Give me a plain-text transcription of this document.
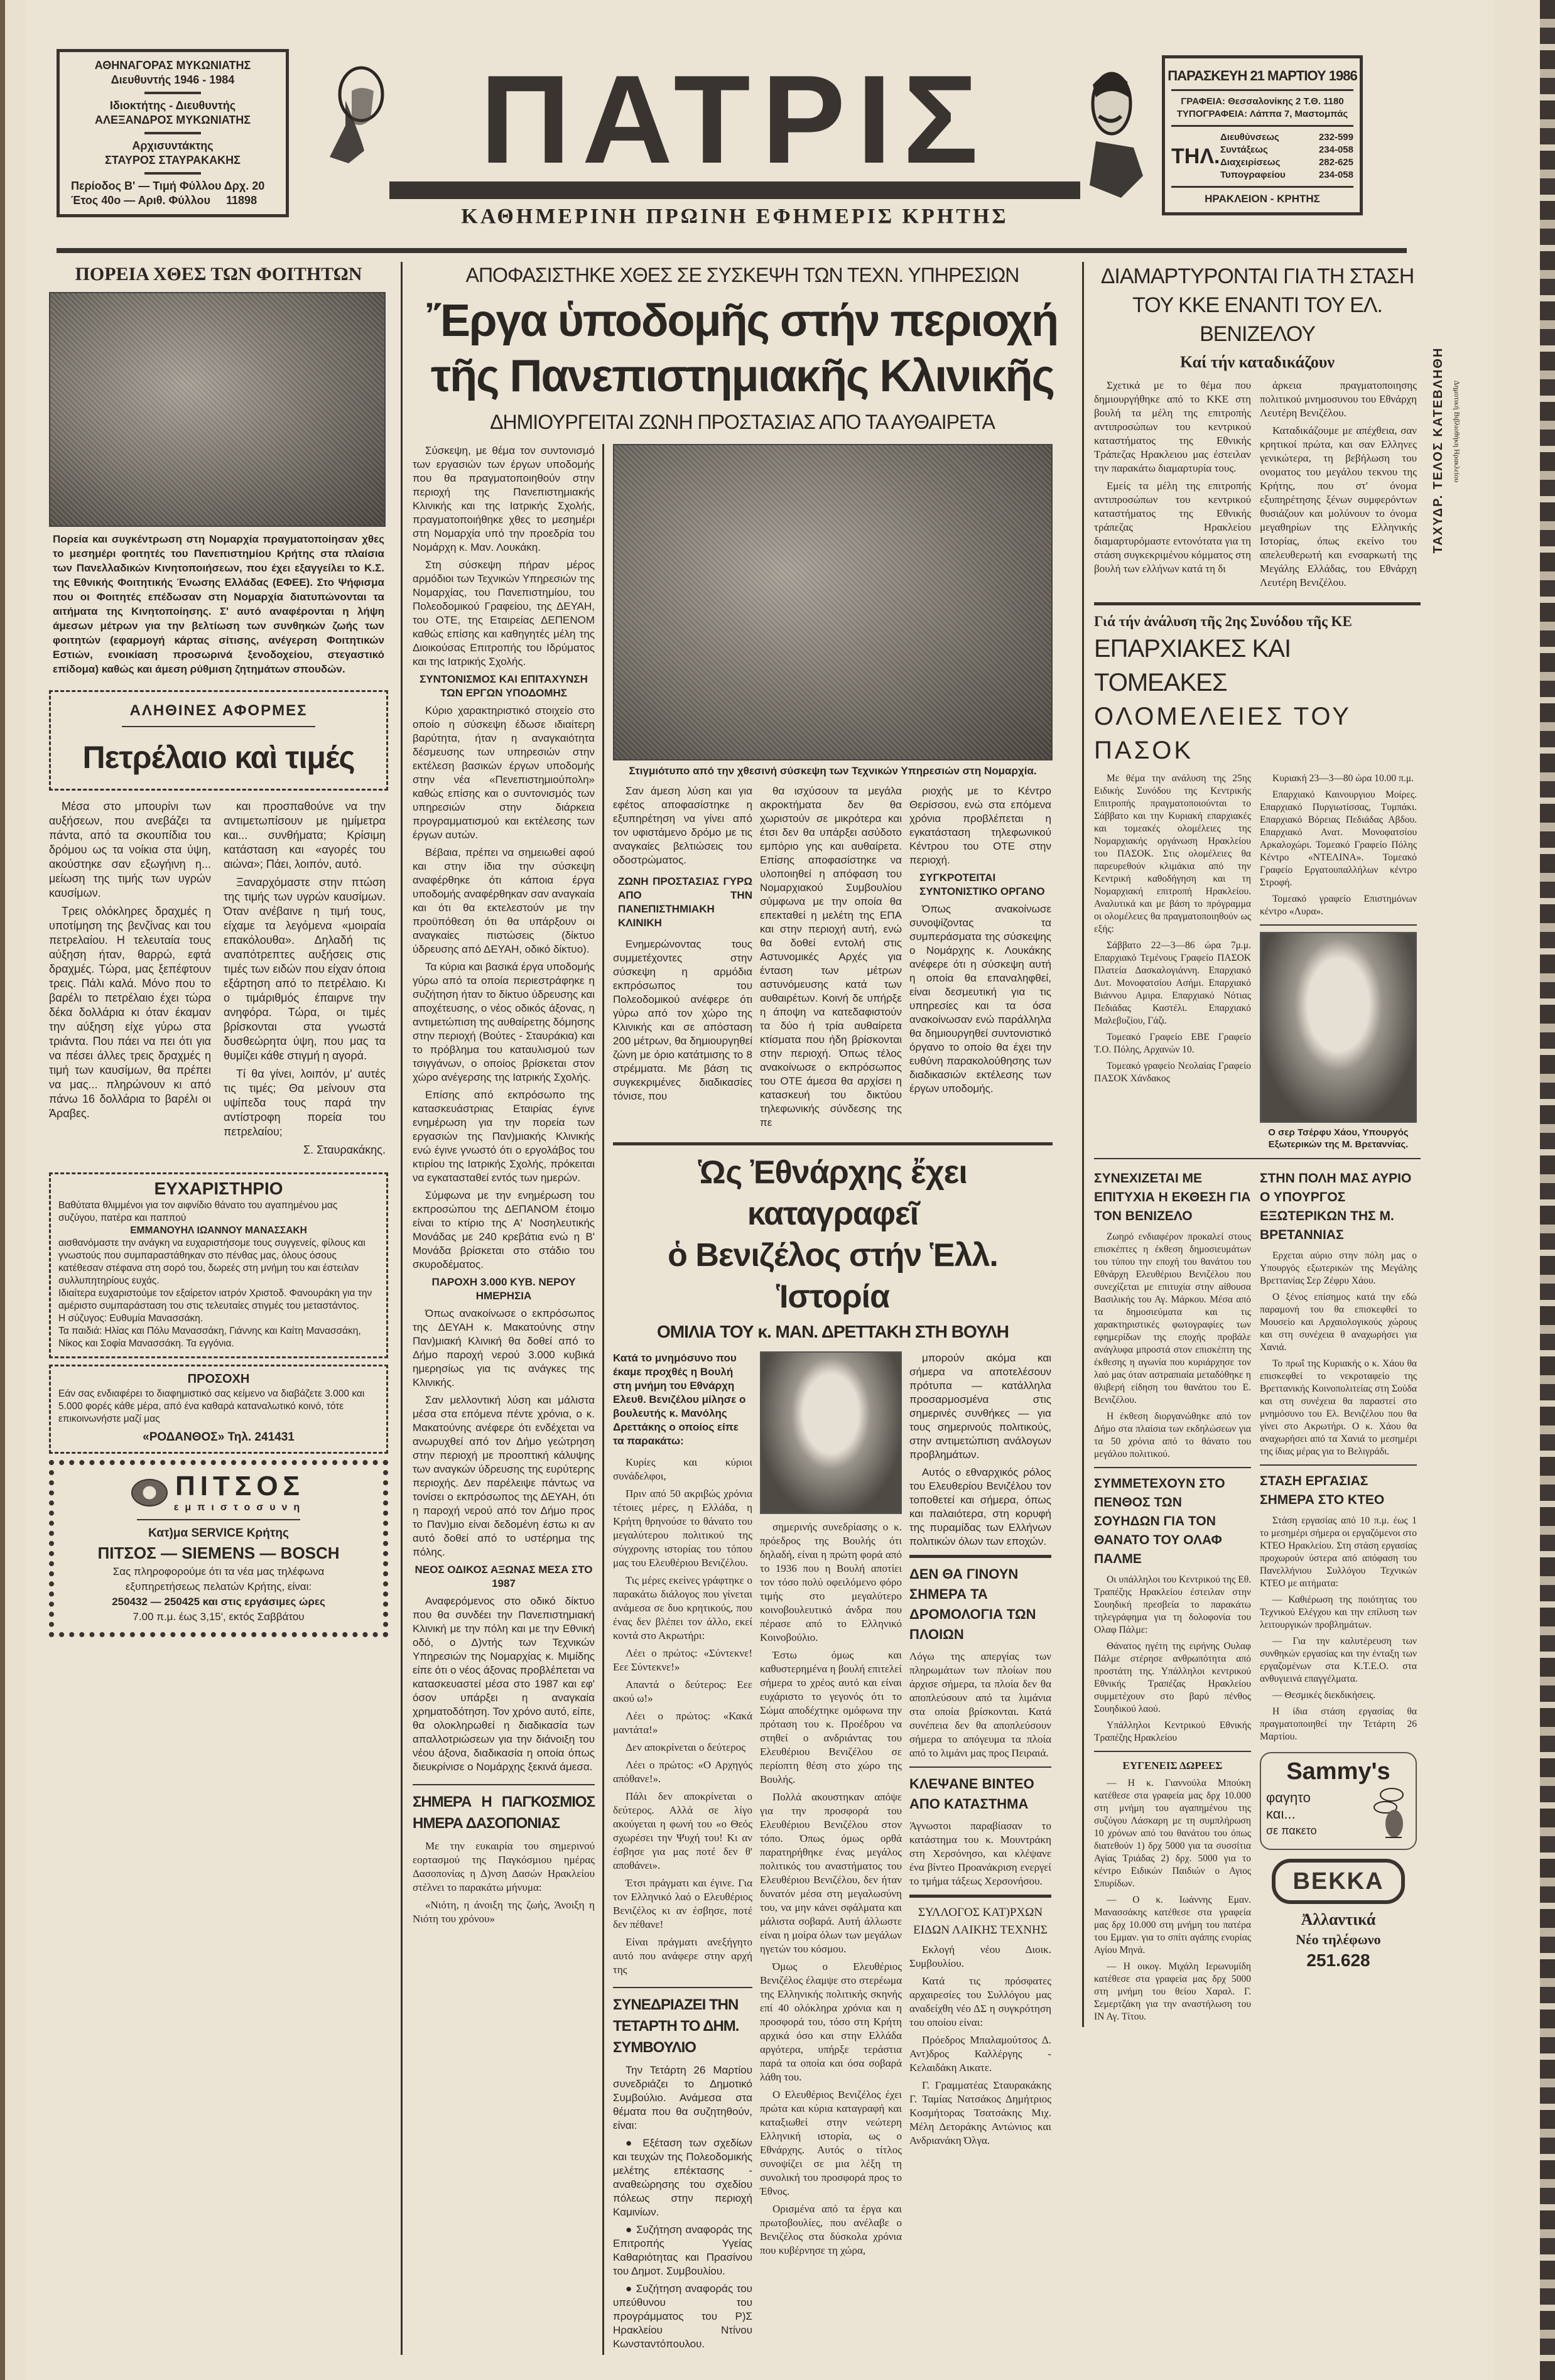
ΑΘΗΝΑΓΟΡΑΣ ΜΥΚΩΝΙΑΤΗΣ
Διευθυντής 1946 - 1984
Ιδιοκτήτης - Διευθυντής
ΑΛΕΞΑΝΔΡΟΣ ΜΥΚΩΝΙΑΤΗΣ
Αρχισυντάκτης
ΣΤΑΥΡΟΣ ΣΤΑΥΡΑΚΑΚΗΣ
Περίοδος Β' — Τιμή Φύλλου Δρχ. 20
Έτος 40ο — Αριθ. Φύλλου 11898
ΠΑΤΡΙΣ
ΚΑΘΗΜΕΡΙΝΗ ΠΡΩΙΝΗ ΕΦΗΜΕΡΙΣ ΚΡΗΤΗΣ
ΠΑΡΑΣΚΕΥΗ 21 ΜΑΡΤΙΟΥ 1986
ΓΡΑΦΕΙΑ: Θεσσαλονίκης 2 Τ.Θ. 1180
ΤΥΠΟΓΡΑΦΕΙΑ: Λάππα 7, Μαστομπάς
ΤΗΛ.
Διευθύνσεως	232-599
Συντάξεως	234-058
Διαχειρίσεως	282-625
Τυπογραφείου	234-058
ΗΡΑΚΛΕΙΟΝ - ΚΡΗΤΗΣ
ΠΟΡΕΙΑ ΧΘΕΣ ΤΩΝ ΦΟΙΤΗΤΩΝ
Πορεία και συγκέντρωση στη Νομαρχία πραγματοποίησαν χθες το μεσημέρι φοιτητές του Πανεπιστημίου Κρήτης στα πλαίσια των Πανελλαδικών Κινητοποιήσεων, που έχει εξαγγείλει το Κ.Σ. της Εθνικής Φοιτητικής Ένωσης Ελλάδας (ΕΦΕΕ). Στο Ψήφισμα που οι Φοιτητές επέδωσαν στη Νομαρχία διατυπώνονται τα αιτήματα της Κινητοποίησης. Σ' αυτό αναφέρονται η λήψη άμεσων μέτρων για την βελτίωση των συνθηκών ζωής των φοιτητών (εφαρμογή κάρτας σίτισης, ανέγερση Φοιτητικών Εστιών, ενοικίαση προσωρινά ξενοδοχείου, στεγαστικό επίδομα) καθώς και άμεση ρύθμιση ζητημάτων σπουδών.
ΑΛΗΘΙΝΕΣ ΑΦΟΡΜΕΣ
Πετρέλαιο καὶ τιμές

Μέσα στο μπουρίνι των αυξήσεων, που ανεβάζει τα πάντα, από τα σκουπίδια του δρόμου ως τα νοίκια στα ύψη, ακούστηκε σαν εξωγήινη η... μείωση της τιμής των υγρών καυσίμων.

Τρεις ολόκληρες δραχμές η υποτίμηση της βενζίνας και του πετρελαίου. Η τελευταία τους αύξηση ήταν, θαρρώ, εφτά δραχμές. Τώρα, μας ξεπέφτουν τρεις. Πάλι καλά. Μόνο που το βαρέλι το πετρέλαιο έχει τώρα δέκα δολλάρια κι όταν έκαμαν την αύξηση είχε γύρω στα τριάντα. Που πάει να πει ότι για να πέσει άλλες τρεις δραχμές η τιμή των καυσίμων, θα πρέπει να μας... πληρώνουν κι από πάνω 16 δολλάρια το βαρέλι οι Άραβες.

και προσπαθούνε να την αντιμετωπίσουν με ημίμετρα και... συνθήματα; Κρίσιμη κατάσταση και «αγορές του αιώνα»; Πάει, λοιπόν, αυτό.

Ξαναρχόμαστε στην πτώση της τιμής των υγρών καυσίμων. Όταν ανέβαινε η τιμή τους, είχαμε τα λεγόμενα «μοιραία επακόλουθα». Δηλαδή τις αναπότρεπτες αυξήσεις στις τιμές των ειδών που είχαν όποια εξάρτηση από το πετρέλαιο. Κι ο τιμάριθμός έπαιρνε την ανηφόρα. Τώρα, οι τιμές βρίσκονται στα γνωστά δυσθεώρητα ύψη, που μας τα θυμίζει κάθε στιγμή η αγορά.

Τί θα γίνει, λοιπόν, μ' αυτές τις τιμές; Θα μείνουν στα υψίπεδα τους παρά την αντίστροφη πορεία του πετρελαίου;

Σ. Σταυρακάκης.

ΕΥΧΑΡΙΣΤΗΡΙΟ
Βαθύτατα θλιμμένοι για τον αιφνίδιο θάνατο του αγαπημένου μας συζύγου, πατέρα και παππού
ΕΜΜΑΝΟΥΗΛ ΙΩΑΝΝΟΥ ΜΑΝΑΣΣΑΚΗ
αισθανόμαστε την ανάγκη να ευχαριστήσομε τους συγγενείς, φίλους και γνωστούς που συμπαραστάθηκαν στο πένθας μας, όλους όσους κατέθεσαν στέφανα στη σορό του, δωρεές στη μνήμη του και έστειλαν συλλυπητηρίους ευχάς.
Ιδιαίτερα ευχαριστούμε τον εξαίρετον ιατρόν Χριστοδ. Φανουράκη για την αμέριστο συμπαράσταση του στις τελευταίες στιγμές του μεταστάντος.
Η σύζυγος: Ευθυμία Μανασσάκη.
Τα παιδιά: Ηλίας και Πόλυ Μανασσάκη, Γιάννης και Καίτη Μανασσάκη, Νίκος και Σοφία Μανασσάκη. Τα εγγόνια.
ΠΡΟΣΟΧΗ
Εάν σας ενδιαφέρει το διαφημιστικό σας κείμενο να διαβάζετε 3.000 και 5.000 φορές κάθε μέρα, από ένα καθαρά καταναλωτικό κοινό, τότε επικοινωνήστε μαζί μας
«ΡΟΔΑΝΘΟΣ» Τηλ. 241431
ΠΙΤΣΟΣ
εμπιστοσυνη
Κατ)μα SERVICE Κρήτης
ΠΙΤΣΟΣ — SIEMENS — BOSCH
Σας πληροφορούμε ότι τα νέα μας τηλέφωνα
εξυπηρετήσεως πελατών Κρήτης, είναι:
250432 — 250425 και στις εργάσιμες ώρες
7.00 π.μ. έως 3,15', εκτός Σαββάτου
ΑΠΟΦΑΣΙΣΤΗΚΕ ΧΘΕΣ ΣΕ ΣΥΣΚΕΨΗ ΤΩΝ ΤΕΧΝ. ΥΠΗΡΕΣΙΩΝ
Ἔργα ὑποδομῆς στήν περιοχή
τῆς Πανεπιστημιακῆς Κλινικῆς
ΔΗΜΙΟΥΡΓΕΙΤΑΙ ΖΩΝΗ ΠΡΟΣΤΑΣΙΑΣ ΑΠΟ ΤΑ ΑΥΘΑΙΡΕΤΑ

Σύσκεψη, με θέμα τον συντονισμό των εργασιών των έργων υποδομής που θα πραγματοποιηθούν στην περιοχή της Πανεπιστημιακής Κλινικής και της Ιατρικής Σχολής, πραγματοποιήθηκε χθες το μεσημέρι στη Νομαρχία υπό την προεδρία του Νομάρχη κ. Μαν. Λουκάκη.

Στη σύσκεψη πήραν μέρος αρμόδιοι των Τεχνικών Υπηρεσιών της Νομαρχίας, του Πανεπιστημίου, του Πολεοδομικού Γραφείου, της ΔΕΥΑΗ, του ΟΤΕ, της Εταιρείας ΔΕΠΕΝΟΜ καθώς επίσης και καθηγητές μέλη της Διοικούσας Επιτροπής του Ιδρύματος και της Ιατρικής Σχολής.

ΣΥΝΤΟΝΙΣΜΟΣ ΚΑΙ ΕΠΙΤΑΧΥΝΣΗ ΤΩΝ ΕΡΓΩΝ ΥΠΟΔΟΜΗΣ

Κύριο χαρακτηριστικό στοιχείο στο οποίο η σύσκεψη έδωσε ιδιαίτερη βαρύτητα, ήταν η αναγκαιότητα δέσμευσης των υπηρεσιών στην εκτέλεση βασικών έργων υποδομής στην νέα «Πενεπιστημιούπολη» καθώς επίσης και ο συντονισμός των υπηρεσιών στην διάρκεια προγραμματισμού και εκτέλεσης των έργων αυτών.

Βέβαια, πρέπει να σημειωθεί αφού και στην ίδια την σύσκεψη αναφέρθηκε ότι κάποια έργα υποδομής αναφέρθηκαν σαν αναγκαία και ότι θα εκτελεστούν με την προϋπόθεση ότι θα υπάρξουν οι αναγκαίες πιστώσεις (δίκτυο ύδρευσης από ΔΕΥΑΗ, οδικό δίκτυο).

Τα κύρια και βασικά έργα υποδομής γύρω από τα οποία περιεστράφηκε η συζήτηση ήταν το δίκτυο ύδρευσης και αποχέτευσης, ο νέος οδικός άξονας, η αντιμετώπιση της αυθαίρετης δόμησης στην περιοχή (Βούτες - Σταυράκια) και το πρόβλημα του καταυλισμού των τσιγγάνων, ο οποίος βρίσκεται στον χώρο ανέγερσης της Ιατρικής Σχολής.

Επίσης από εκπρόσωπο της κατασκευάστριας Εταιρίας έγινε ενημέρωση για την πορεία των εργασιών της Παν)μιακής Κλινικής ενώ έγινε γνωστό ότι ο εργολάβος του κτιρίου της Ιατρικής Σχολής, πρόκειται να εγκατασταθεί εντός των ημερών.

Σύμφωνα με την ενημέρωση του εκπροσώπου της ΔΕΠΑΝΟΜ έτοιμο είναι το κτίριο της Α' Νοσηλευτικής Μονάδας με 240 κρεβάτια ενώ η Β' Μονάδα βρίσκεται στο στάδιο του σκυροδέματος.

ΠΑΡΟΧΗ 3.000 ΚΥΒ. ΝΕΡΟΥ ΗΜΕΡΗΣΙΑ

Όπως ανακοίνωσε ο εκπρόσωπος της ΔΕΥΑΗ κ. Μακατούνης στην Παν)μιακή Κλινική θα δοθεί από το Δήμο παροχή νερού 3.000 κυβικά ημερησίως για τις ανάγκες της Κλινικής.

Σαν μελλοντική λύση και μάλιστα μέσα στα επόμενα πέντε χρόνια, ο κ. Μακατούνης ανέφερε ότι ενδέχεται να ανωρυχθεί από τον Δήμο γεώτρηση στην περιοχή με προοπτική κάλυψης των αναγκών ύδρευσης της ευρύτερης περιοχής. Δεν παρέλειψε πάντως να τονίσει ο εκπρόσωπος της ΔΕΥΑΗ, ότι η παροχή νερού από τον Δήμο προς το Παν)μιο είναι δεδομένη έστω κι αν αυτό δοθεί από το υστέρημα της πόλης.

ΝΕΟΣ ΟΔΙΚΟΣ ΑΞΩΝΑΣ ΜΕΣΑ ΣΤΟ 1987

Αναφερόμενος στο οδικό δίκτυο που θα συνδέει την Πανεπιστημιακή Κλινική με την πόλη και με την Εθνική οδό, ο Δ)ντής των Τεχνικών Υπηρεσιών της Νομαρχίας κ. Μιμίδης είπε ότι ο νέος άξονας προβλέπεται να κατασκευαστεί μέσα στο 1987 και εφ' όσον υπάρξει η αναγκαία χρηματοδότηση. Τον χρόνο αυτό, είπε, θα ολοκληρωθεί η διαδικασία των απαλλοτριώσεων για την διάνοιξη του νέου άξονα, διαδικασία η οποία όπως διευκρίνισε ο Νομάρχης ξεκινά άμεσα.

ΣΗΜΕΡΑ Η ΠΑΓΚΟΣΜΙΟΣ ΗΜΕΡΑ ΔΑΣΟΠΟΝΙΑΣ

Με την ευκαιρία του σημερινού εορτασμού της Παγκόσμιου ημέρας Δασοπονίας η Δ)νση Δασών Ηρακλείου στέλνει το παρακάτω μήνυμα:

«Νιότη, η άνοιξη της ζωής, Άνοιξη η Νιότη του χρόνου»

Στιγμιότυπο από την χθεσινή σύσκεψη των Τεχνικών Υπηρεσιών στη Νομαρχία.

Σαν άμεση λύση και για εφέτος αποφασίστηκε η εξυπηρέτηση να γίνει από τον υφιστάμενο δρόμο με τις αναγκαίες βελτιώσεις του οδοστρώματος.

ΖΩΝΗ ΠΡΟΣΤΑΣΙΑΣ ΓΥΡΩ ΑΠΟ ΤΗΝ ΠΑΝΕΠΙΣΤΗΜΙΑΚΗ ΚΛΙΝΙΚΗ

Ενημερώνοντας τους συμμετέχοντες στην σύσκεψη η αρμόδια εκπρόσωπος του Πολεοδομικού ανέφερε ότι γύρω από τον χώρο της Κλινικής και σε απόσταση 200 μέτρων, θα δημιουργηθεί ζώνη με όριο κατάτμισης το 8 στρέμματα. Με βάση τις συγκεκριμένες διαδικασίες τόνισε, που

θα ισχύσουν τα μεγάλα ακροκτήματα δεν θα χωριστούν σε μικρότερα και έτσι δεν θα υπάρξει ασύδοτο εμπόριο γης και αυθαίρετα. Επίσης αποφασίστηκε να υλοποιηθεί η απόφαση του Νομαρχιακού Συμβουλίου σύμφωνα με την οποία θα επεκταθεί η μελέτη της ΕΠΑ και στην περιοχή αυτή, ενώ θα δοθεί εντολή στις Αστυνομικές Αρχές για ένταση των μέτρων αστυνόμευσης κατά των αυθαιρέτων. Κοινή δε υπήρξε η άποψη να κατεδαφιστούν τα δύο ή τρία αυθαίρετα κτίσματα που ήδη βρίσκονται στην περιοχή. Όπως τέλος ανακοίνωσε ο εκπρόσωπος του ΟΤΕ άμεσα θα αρχίσει η κατασκευή του δικτύου τηλεφωνικής σύνδεσης της πε

ριοχής με το Κέντρο Θερίσσου, ενώ στα επόμενα χρόνια προβλέπεται η εγκατάσταση τηλεφωνικού Κέντρου του ΟΤΕ στην περιοχή.

ΣΥΓΚΡΟΤΕΙΤΑΙ ΣΥΝΤΟΝΙΣΤΙΚΟ ΟΡΓΑΝΟ

Όπως ανακοίνωσε συνοψίζοντας τα συμπεράσματα της σύσκεψης ο Νομάρχης κ. Λουκάκης ανέφερε ότι η σύσκεψη αυτή η οποία θα επαναληφθεί, είναι δεσμευτική για τις υπηρεσίες και τα όσα ανακοίνωσαν ενώ παράλληλα θα δημιουργηθεί συντονιστικό όργανο το οποίο θα έχει την ευθύνη παρακολούθησης των διαδικασιών εκτέλεσης των έργων υποδομής.

Ὡς Ἐθνάρχης ἔχει καταγραφεῖ
ὁ Βενιζέλος στήν Ἑλλ. Ἱστορία
ΟΜΙΛΙΑ ΤΟΥ κ. ΜΑΝ. ΔΡΕΤΤΑΚΗ ΣΤΗ ΒΟΥΛΗ
Κατά το μνημόσυνο που έκαμε προχθές η Βουλή στη μνήμη του Εθνάρχη Ελευθ. Βενιζέλου μίλησε ο βουλευτής κ. Μανόλης Δρεττάκης ο οποίος είπε τα παρακάτω:

Κυρίες και κύριοι συνάδελφοι,

Πριν από 50 ακριβώς χρόνια τέτοιες μέρες, η Ελλάδα, η Κρήτη θρηνούσε το θάνατο του μεγαλύτερου πολιτικού της σύγχρονης ιστορίας του τόπου μας του Ελευθέριου Βενιζέλου.

Τις μέρες εκείνες γράφτηκε ο παρακάτω διάλογος που γίνεται ανάμεσα σε δυο κρητικούς, που ένας δεν βλέπει τον άλλο, εκεί κοντά στο Ακρωτήρι:

Λέει ο πρώτος: «Σύντεκνε! Εεε Σύντεκνε!»

Απαντά ο δεύτερος: Εεε ακού ω!»

Λέει ο πρώτος: «Κακά μαντάτα!»

Δεν αποκρίνεται ο δεύτερος

Λέει ο πρώτος: «Ο Αρχηγός απόθανε!».

Πάλι δεν αποκρίνεται ο δεύτερος. Αλλά σε λίγο ακούγεται η φωνή του «ο Θεός σχωρέσει την Ψυχή του! Κι αν έσβησε για μας ποτέ δεν θ' αποθάνει».

Έτσι πράγματι και έγινε. Για τον Ελληνικό λαό ο Ελευθέριος Βενιζέλος κι αν έσβησε, ποτέ δεν πέθανε!

Είναι πράγματι ανεξήγητο αυτό που ανάφερε στην αρχή της

ΣΥΝΕΔΡΙΑΖΕΙ ΤΗΝ ΤΕΤΑΡΤΗ ΤΟ ΔΗΜ. ΣΥΜΒΟΥΛΙΟ

Την Τετάρτη 26 Μαρτίου συνεδριάζει το Δημοτικό Συμβούλιο. Ανάμεσα στα θέματα που θα συζητηθούν, είναι:

● Εξέταση των σχεδίων και τευχών της Πολεοδομικής μελέτης επέκτασης - αναθεώρησης του σχεδίου πόλεως στην περιοχή Καμινίων.

● Συζήτηση αναφοράς της Επιτροπής Υγείας Καθαριότητας και Πρασίνου του Δημοτ. Συμβουλίου.

● Συζήτηση αναφοράς του υπεύθυνου του προγράμματος του Ρ)Σ Ηρακλείου Ντίνου Κωνσταντόπουλου.

σημερινής συνεδρίασης ο κ. πρόεδρος της Βουλής ότι δηλαδή, είναι η πρώτη φορά από το 1936 που η Βουλή αποτίει τον τόσο πολύ οφειλόμενο φόρο τιμής στο μεγαλύτερο κοινοβουλευτικό άνδρα που πέρασε από το Ελληνικό Κοινοβούλιο.

Έστω όμως και καθυστερημένα η βουλή επιτελεί σήμερα το χρέος αυτό και είναι ευχάριστο το γεγονός ότι το Σώμα αποδέχτηκε ομόφωνα την πρόταση του κ. Προέδρου να στηθεί ο ανδριάντας του Ελευθέριου Βενιζέλου σε περίοπτη θέση στο χώρο της Βουλής.

Πολλά ακουστηκαν απόψε για την προσφορά του Ελευθέριου Βενιζέλου στον τόπο. Όπως όμως ορθά παρατηρήθηκε ένας μεγάλος πολιτικός του αναστήματος του Ελευθέριου Βενιζέλου, δεν ήταν δυνατόν μέσα στη μεγαλωσύνη του, να μην κάνει σφάλματα και μάλιστα σοβαρά. Αυτή άλλωστε είναι η μοίρα όλων των μεγάλων ηγετών του κόσμου.

Όμως ο Ελευθέριος Βενιζέλος έλαμψε στο στερέωμα της Ελληνικής πολιτικής σκηνής επί 40 ολόκληρα χρόνια και η προσφορά του, τόσο στη Κρήτη αρχικά όσο και στην Ελλάδα αργότερα, υπήρξε τεράστια παρά τα οποία και όσα σοβαρά λάθη του.

Ο Ελευθέριος Βενιζέλος έχει πρώτα και κύρια καταγραφή και καταξιωθεί στην νεώτερη Ελληνική ιστορία, ως ο Εθνάρχης. Αυτός ο τίτλος συνοψίζει σε μια λέξη τη συνολική του προσφορά προς το Έθνος.

Ορισμένα από τα έργα και πρωτοβουλίες, που ανέλαβε ο Βενιζέλος στα δύσκολα χρόνια που κυβέρνησε τη χώρα,

μπορούν ακόμα και σήμερα να αποτελέσουν πρότυπα — κατάλληλα προσαρμοσμένα στις σημερινές συνθήκες — για τους σημερινούς πολιτικούς, στην αντιμετώπιση ανάλογων προβλημάτων.

Αυτός ο εθναρχικός ρόλος του Ελευθερίου Βενιζέλου τον τοποθετεί και σήμερα, όπως και παλαιότερα, στη κορυφή της πυραμίδας των Ελλήνων πολιτικών όλων των εποχών.

ΔΕΝ ΘΑ ΓΙΝΟΥΝ ΣΗΜΕΡΑ ΤΑ ΔΡΟΜΟΛΟΓΙΑ ΤΩΝ ΠΛΟΙΩΝ
Λόγω της απεργίας των πληρωμάτων των πλοίων που άρχισε σήμερα, τα πλοία δεν θα αποπλεύσουν από τα λιμάνια στα οποία βρίσκονται. Κατά συνέπεια δεν θα αποπλεύσουν σήμερα το απόγευμα τα πλοία από το λιμάνι μας προς Πειραιά.
ΚΛΕΨΑΝΕ ΒΙΝΤΕΟ ΑΠΟ ΚΑΤΑΣΤΗΜΑ
Άγνωστοι παραβίασαν το κατάστημα του κ. Μουντράκη στη Χερσόνησο, και κλέψανε ένα βίντεο Προανάκριση ενεργεί το τμήμα τάξεως Χερσονήσου.
ΣΥΛΛΟΓΟΣ ΚΑΤ)ΡΧΩΝ ΕΙΔΩΝ ΛΑΙΚΗΣ ΤΕΧΝΗΣ

Εκλογή νέου Διοικ. Συμβουλίου.

Κατά τις πρόσφατες αρχαιρεσίες του Συλλόγου μας αναδείχθη νέο ΔΣ η συγκρότηση του οποίου είναι:

Πρόεδρος Μπαλαμούτσος Δ. Αντ)δρος Καλλέργης - Κελαιδάκη Αικατε.

Γ. Γραμματέας Σταυρακάκης Γ. Ταμίας Νατσάκος Δημήτριος Κοσμήτορας Τσατσάκης Μιχ. Μέλη Δετοράκης Αντώνιος και Ανδριανάκη Όλγα.

ΔΙΑΜΑΡΤΥΡΟΝΤΑΙ ΓΙΑ ΤΗ ΣΤΑΣΗ
ΤΟΥ ΚΚΕ ΕΝΑΝΤΙ ΤΟΥ ΕΛ. ΒΕΝΙΖΕΛΟΥ
Καί τήν καταδικάζουν

Σχετικά με το θέμα που δημιουργήθηκε από το ΚΚΕ στη βουλή τα μέλη της επιτροπής αντιπροσώπων του κεντρικού καταστήματος της Εθνικής Τράπεζας Ηρακλειου μας έστειλαν την παρακάτω διαμαρτυρία τους.

Εμείς τα μέλη της επιτροπής αντιπροσώπων του κεντρικού καταστήματος της Εθνικής τράπεζας Ηρακλείου διαμαρτυρόμαστε εντονότατα για τη στάση συγκεκριμένου κόμματος στη βουλή των ελλήνων κατά τη δι

άρκεια πραγματοποιησης πολιτικού μνημοσυνου του Εθνάρχη Λευτέρη Βενιζέλου.

Καταδικάζουμε με απέχθεια, σαν κρητικοί πρώτα, και σαν Ελληνες γενικώτερα, τη βεβήλωση του ονοματος του μεγάλου τεκνου της Κρήτης, που στ' όνομα εξυπηρέτησης ξένων συμφερόντων θυσιάζουν και μολύνουν το όνομα μεγαθηρίων της Ελληνικής Ιστορίας, όπως εκείνο του απελευθερωτή και ενσαρκωτή της Μεγάλης Ελλάδας, του Εθνάρχη Λευτέρη Βενιζέλου.

Γιά τήν ἀνάλυση τῆς 2ης Συνόδου τῆς ΚΕ
ΕΠΑΡΧΙΑΚΕΣ ΚΑΙ ΤΟΜΕΑΚΕΣ
ΟΛΟΜΕΛΕΙΕΣ ΤΟΥ ΠΑΣΟΚ

Με θέμα την ανάλυση της 25ης Ειδικής Συνόδου της Κεντρικής Επιτροπής πραγματοποιούνται το Σάββατο και την Κυριακή επαρχιακές και τομεακές ολομέλειες της Νομαρχιακής οργάνωση Ηρακλείου του ΠΑΣΟΚ. Στις ολομέλειες θα παρευρεθούν κλιμάκια από την Κεντρική καθοδήγηση και τη Νομαρχιακή επιτροπή Ηρακλείου. Αναλυτικά και με βάση το πρόγραμμα οι ολομέλειες θα πραγματοποιηθούν ως εξής:

Σάββατο 22—3—86 ώρα 7μ.μ. Επαρχιακό Τεμένους Γραφείο ΠΑΣΟΚ Πλατεία Δασκαλογιάννη. Επαρχιακό Δυτ. Μονοφατσίου Ασήμι. Επαρχιακό Βιάννου Αμιρα. Επαρχιακό Νότιας Πεδιάδας Καστέλι. Επαρχιακό Μαλεβυζίου, Γάζι.

Τομεακό Γραφείο ΕΒΕ Γραφείο Τ.Ο. Πόλης, Αρχανών 10.

Τομεακό γραφείο Νεολαίας Γραφείο ΠΑΣΟΚ Χάνδακος

Κυριακή 23—3—80 ώρα 10.00 π.μ.

Επαρχιακό Καινουργιου Μοίρες. Επαρχιακό Πυργιωτίσσας, Τυμπάκι. Επαρχιακό Βόρειας Πεδιάδας Αβδου. Επαρχιακό Ανατ. Μονοφατσίου Αρκαλοχώρι. Τομεακό Γραφείο Πόλης Κέντρο «ΝΤΕΛΙΝΑ». Τομεακό Γραφείο Εργατουπαλλήλων κέντρο Στροφή.

Τομεακό γραφείο Επιστημόνων κέντρο «Λυρα».

Ο σερ Τσέρφυ Χάου, Υπουργός Εξωτερικών της Μ. Βρεταννίας.
ΣΥΝΕΧΙΖΕΤΑΙ ΜΕ ΕΠΙΤΥΧΙΑ Η ΕΚΘΕΣΗ ΓΙΑ ΤΟΝ ΒΕΝΙΖΕΛΟ

Ζωηρό ενδιαφέρον προκαλεί στους επισκέπτες η έκθεση δημοσιευμάτων του τύπου την εποχή του θανάτου του Εθνάρχη Ελευθέριου Βενιζέλου που συνεχίζεται με επιτυχία στην αίθουσα Βασιλικής του Αγ. Μάρκου. Μέσα από τα δημοσιεύματα και τις χαρακτηριστικές φωτογραφίες των εφημερίδων της εποχής προβάλε ανάγλυφα μπροστά στον επισκέπτη της έκθεσης η αγωνία που κυριάρχησε τον λαό μας όταν αστραπιαία μεταδόθηκε η θλιβερή είδηση του θανάτου του Ε. Βενιζέλου.

Η έκθεση διοργανώθηκε από τον Δήμο στα πλαίσια των εκδηλώσεων για τα 50 χρόνια από το θάνατο του μεγάλου πολιτικού.

ΣΥΜΜΕΤΕΧΟΥΝ ΣΤΟ ΠΕΝΘΟΣ ΤΩΝ ΣΟΥΗΔΩΝ ΓΙΑ ΤΟΝ ΘΑΝΑΤΟ ΤΟΥ ΟΛΑΦ ΠΑΛΜΕ

Οι υπάλληλοι του Κεντρικού της Εθ. Τραπέζης Ηρακλείου έστειλαν στην Σουηδική πρεσβεία το παρακάτω τηλεγράφημα για τη δολοφονία του Ολαφ Πάλμε:

Θάνατος ηγέτη της ειρήνης Ουλαφ Πάλμε στέρησε ανθρωπότητα από προστάτη της. Υπάλληλοι κεντρικού Εθνικής Τραπέζας Ηρακλείου συμμετέχουν στο βαρύ πένθος Σουηδικού λαού.

Υπάλληλοι Κεντρικού Εθνικής Τραπέζης Ηρακλείου

ΕΥΓΕΝΕΙΣ ΔΩΡΕΕΣ

— Η κ. Γιαννούλα Μπούκη κατέθεσε στα γραφεία μας δρχ 10.000 στη μνήμη του αγαπημένου της συζύγου Λάσκαρη με τη συμπλήρωση 10 χρόνων από του θανάτου του όπως διατεθούν 1) δρχ 5000 για τα συσσίτια Αγίας Τριάδας 2) δρχ. 5000 για το κέντρο Ειδικών Παιδιών ο Αγιος Σπυρίδων.

— Ο κ. Ιωάννης Εμαν. Μανασσάκης κατέθεσε στα γραφεία μας δρχ 10.000 στη μνήμη του πατέρα του Εμμαν. για το σπίτι αγάπης ενορίας Αγίου Μηνά.

— Η οικογ. Μιχάλη Ιερωνυμίδη κατέθεσε στα γραφεία μας δρχ 5000 στη μνήμη του θείου Χαραλ. Γ. Σεμερτζάκη για την αναστήλωση του ΙΝ Αγ. Τίτου.

ΣΤΗΝ ΠΟΛΗ ΜΑΣ ΑΥΡΙΟ Ο ΥΠΟΥΡΓΟΣ ΕΞΩΤΕΡΙΚΩΝ ΤΗΣ Μ. ΒΡΕΤΑΝΝΙΑΣ

Ερχεται αύριο στην πόλη μας ο Υπουργός εξωτερικών της Μεγάλης Βρεττανίας Σερ Ζέφρυ Χάου.

Ο ξένος επίσημος κατά την εδώ παραμονή του θα επισκεφθεί το Μουσείο και Αρχαιολογικούς χώρους και στη συνέχεια θ αναχωρήσει για Χανιά.

Το πρωΐ της Κυριακής ο κ. Χάου θα επισκεφθεί το νεκροταφείο της Βρεττανικής Κοινοπολιτείας στη Σούδα και στη συνέχεια θα παραστεί στο μνημόσυνο του Ελ. Βενιζέλου που θα γίνει στο Ακρωτήρι. Ο κ. Χάου θα αναχωρήσει από τα Χανιά το μεσημέρι της ίδιας μέρας για το Βελιγράδι.

ΣΤΑΣΗ ΕΡΓΑΣΙΑΣ ΣΗΜΕΡΑ ΣΤΟ ΚΤΕΟ

Στάση εργασίας από 10 π.μ. έως 1 το μεσημέρι σήμερα οι εργαζόμενοι στο ΚΤΕΟ Ηρακλείου. Στη στάση εργασίας προχωρούν ύστερα από απόφαση του Πανελλήνιου Συλλόγου Τεχνικών ΚΤΕΟ με αιτήματα:

— Καθιέρωση της ποιότητας του Τεχνικού Ελέγχου και την επίλυση των λειτουργικών προβλημάτων.

— Για την καλυτέρευση των συνθηκών εργασίας και την ένταξη των εργαζομένων στα Κ.Τ.Ε.Ο. στα ανθυγιεινά επαγγέλματα.

— Θεσμικές διεκδικήσεις.

Η ίδια στάση εργασίας θα πραγματοποιηθεί την Τετάρτη 26 Μαρτίου.

Sammy's
φαγητο
και...
σε πακετο
ΒΕΚΚΑ
Ἀλλαντικά
Νέο τηλέφωνο
251.628
ΤΑΧΥΔΡ. ΤΕΛΟΣ ΚΑΤΕΒΛΗΘΗ Δημοτική Βιβλιοθήκη Ηρακλείου
